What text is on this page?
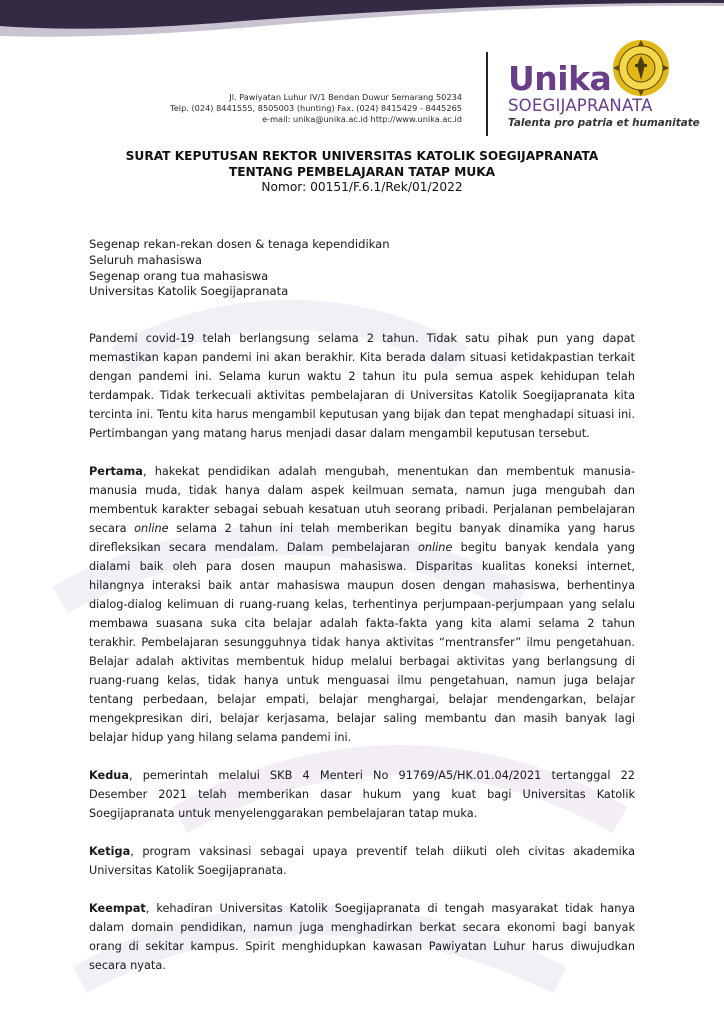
Jl. Pawiyatan Luhur IV/1 Bendan Duwur Semarang 50234
Telp. (024) 8441555, 8505003 (hunting) Fax. (024) 8415429 - 8445265
e-mail: unika@unika.ac.id http://www.unika.ac.id
Unika
SOEGIJAPRANATA
Talenta pro patria et humanitate
SURAT KEPUTUSAN REKTOR UNIVERSITAS KATOLIK SOEGIJAPRANATA
TENTANG PEMBELAJARAN TATAP MUKA
Nomor: 00151/F.6.1/Rek/01/2022
Segenap rekan-rekan dosen & tenaga kependidikan
Seluruh mahasiswa
Segenap orang tua mahasiswa
Universitas Katolik Soegijapranata

Pandemi covid-19 telah berlangsung selama 2 tahun. Tidak satu pihak pun yang dapat memastikan kapan pandemi ini akan berakhir. Kita berada dalam situasi ketidakpastian terkait dengan pandemi ini. Selama kurun waktu 2 tahun itu pula semua aspek kehidupan telah terdampak. Tidak terkecuali aktivitas pembelajaran di Universitas Katolik Soegijapranata kita tercinta ini. Tentu kita harus mengambil keputusan yang bijak dan tepat menghadapi situasi ini. Pertimbangan yang matang harus menjadi dasar dalam mengambil keputusan tersebut.

Pertama, hakekat pendidikan adalah mengubah, menentukan dan membentuk manusia-manusia muda, tidak hanya dalam aspek keilmuan semata, namun juga mengubah dan membentuk karakter sebagai sebuah kesatuan utuh seorang pribadi. Perjalanan pembelajaran secara online selama 2 tahun ini telah memberikan begitu banyak dinamika yang harus direfleksikan secara mendalam. Dalam pembelajaran online begitu banyak kendala yang dialami baik oleh para dosen maupun mahasiswa. Disparitas kualitas koneksi internet, hilangnya interaksi baik antar mahasiswa maupun dosen dengan mahasiswa, berhentinya dialog-dialog kelimuan di ruang-ruang kelas, terhentinya perjumpaan-perjumpaan yang selalu membawa suasana suka cita belajar adalah fakta-fakta yang kita alami selama 2 tahun terakhir. Pembelajaran sesungguhnya tidak hanya aktivitas “mentransfer” ilmu pengetahuan. Belajar adalah aktivitas membentuk hidup melalui berbagai aktivitas yang berlangsung di ruang-ruang kelas, tidak hanya untuk menguasai ilmu pengetahuan, namun juga belajar tentang perbedaan, belajar empati, belajar menghargai, belajar mendengarkan, belajar mengekpresikan diri, belajar kerjasama, belajar saling membantu dan masih banyak lagi belajar hidup yang hilang selama pandemi ini.

Kedua, pemerintah melalui SKB 4 Menteri No 91769/A5/HK.01.04/2021 tertanggal 22 Desember 2021 telah memberikan dasar hukum yang kuat bagi Universitas Katolik Soegijapranata untuk menyelenggarakan pembelajaran tatap muka.

Ketiga, program vaksinasi sebagai upaya preventif telah diikuti oleh civitas akademika Universitas Katolik Soegijapranata.

Keempat, kehadiran Universitas Katolik Soegijapranata di tengah masyarakat tidak hanya dalam domain pendidikan, namun juga menghadirkan berkat secara ekonomi bagi banyak orang di sekitar kampus. Spirit menghidupkan kawasan Pawiyatan Luhur harus diwujudkan secara nyata.
